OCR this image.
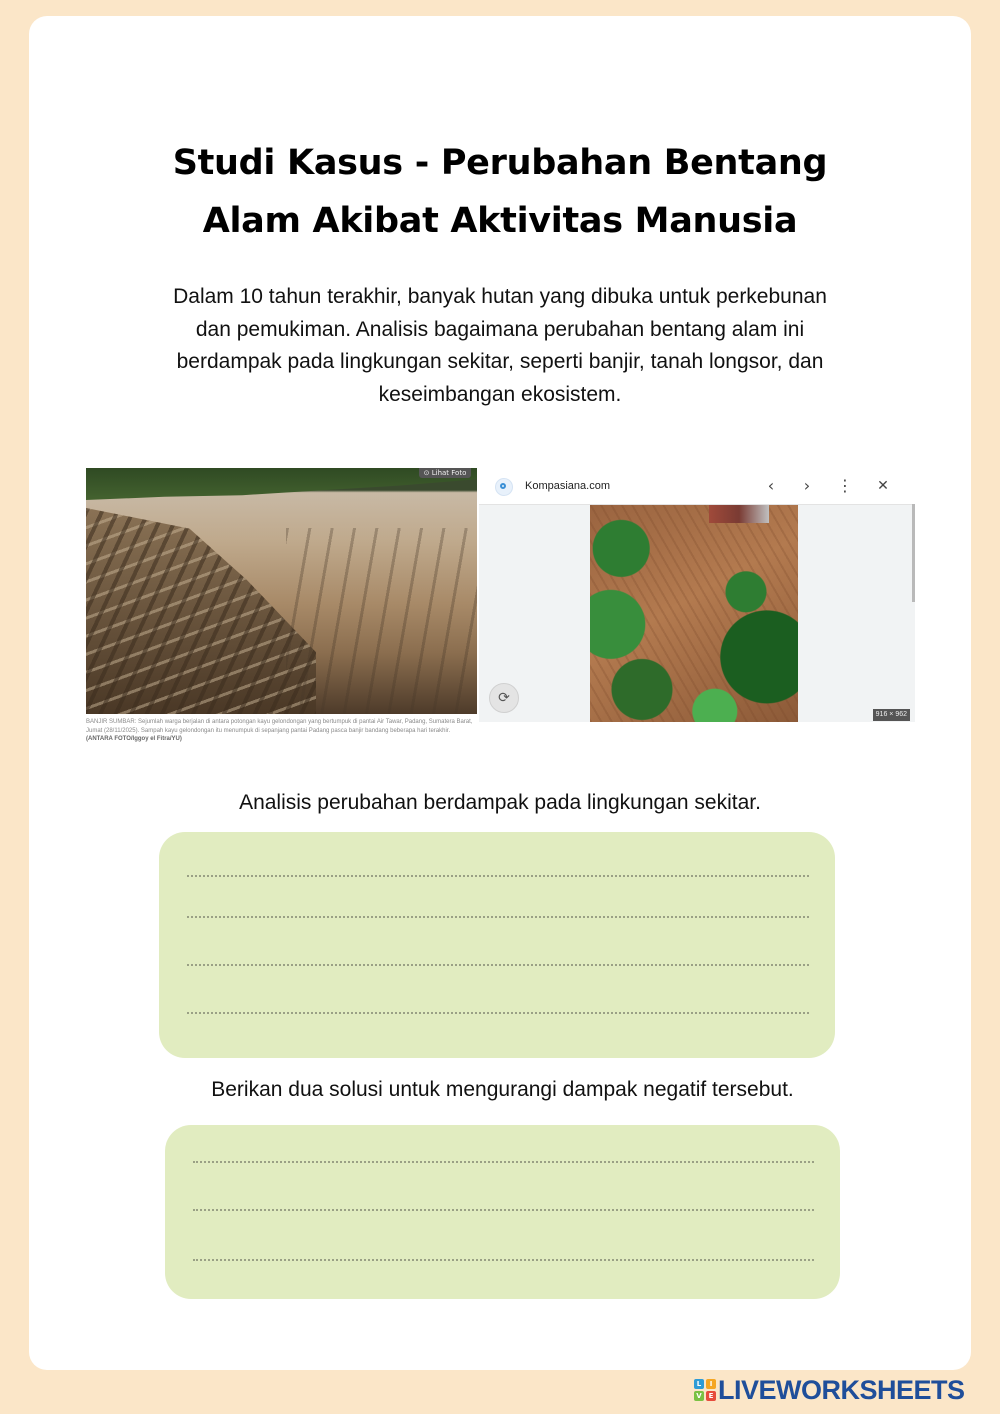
Studi Kasus - Perubahan Bentang
Alam Akibat Aktivitas Manusia
Dalam 10 tahun terakhir, banyak hutan yang dibuka untuk perkebunan dan pemukiman. Analisis bagaimana perubahan bentang alam ini berdampak pada lingkungan sekitar, seperti banjir, tanah longsor, dan keseimbangan ekosistem.
⊙ Lihat Foto
BANJIR SUMBAR: Sejumlah warga berjalan di antara potongan kayu gelondongan yang bertumpuk di pantai Air Tawar, Padang, Sumatera Barat, Jumat (28/11/2025). Sampah kayu gelondongan itu menumpuk di sepanjang pantai Padang pasca banjir bandang beberapa hari terakhir. (ANTARA FOTO/Iggoy el Fitra/YU)
Kompasiana.com	‹	›	⋮ ✕
⟳
916 × 962
Analisis perubahan berdampak pada lingkungan sekitar.
Berikan dua solusi untuk mengurangi dampak negatif tersebut.
L	I
V E LIVEWORKSHEETS
